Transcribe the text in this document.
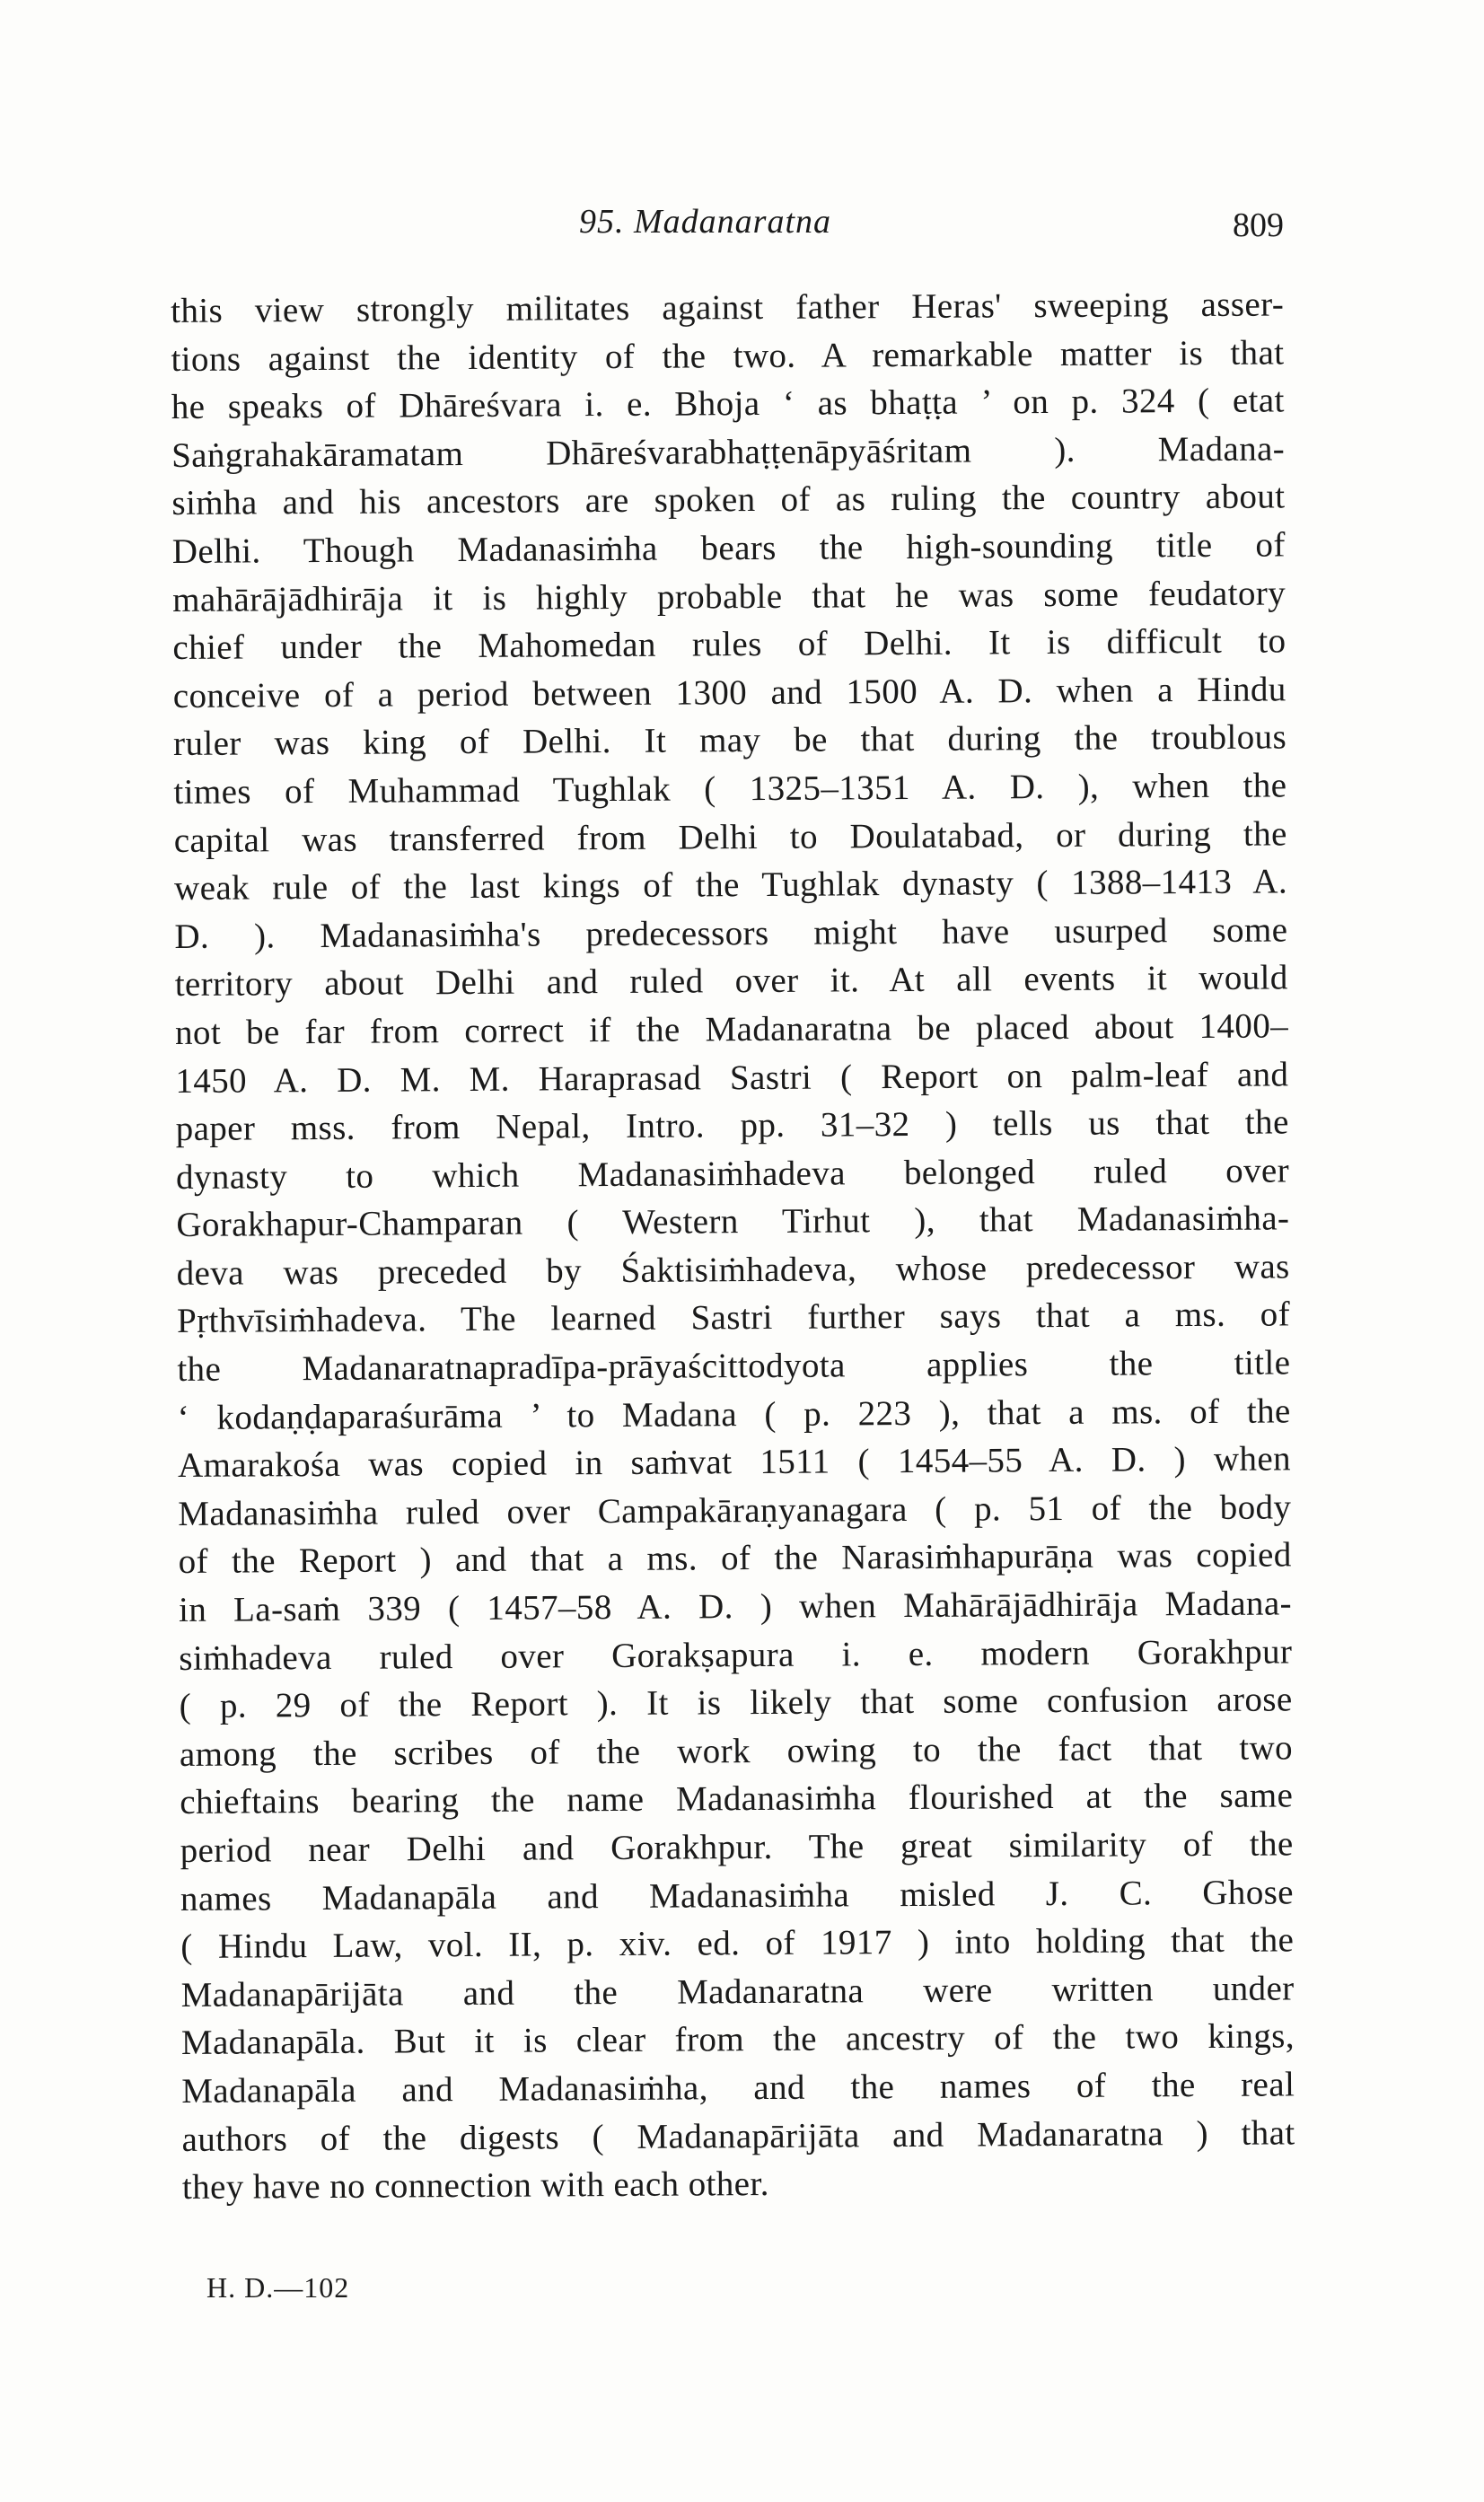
95. Madanaratna	809
this view strongly militates against father Heras' sweeping asser-
tions against the identity of the two. A remarkable matter is that
he speaks of Dhāreśvara i. e. Bhoja ‘ as bhaṭṭa ’ on p. 324 ( etat
Saṅgrahakāramatam Dhāreśvarabhaṭṭenāpyāśritam ). Madana-
siṁha and his ancestors are spoken of as ruling the country about
Delhi. Though Madanasiṁha bears the high-sounding title of
mahārājādhirāja it is highly probable that he was some feudatory
chief under the Mahomedan rules of Delhi. It is difficult to
conceive of a period between 1300 and 1500 A. D. when a Hindu
ruler was king of Delhi. It may be that during the troublous
times of Muhammad Tughlak ( 1325–1351 A. D. ), when the
capital was transferred from Delhi to Doulatabad, or during the
weak rule of the last kings of the Tughlak dynasty ( 1388–1413 A.
D. ). Madanasiṁha's predecessors might have usurped some
territory about Delhi and ruled over it. At all events it would
not be far from correct if the Madanaratna be placed about 1400–
1450 A. D. M. M. Haraprasad Sastri ( Report on palm-leaf and
paper mss. from Nepal, Intro. pp. 31–32 ) tells us that the
dynasty to which Madanasiṁhadeva belonged ruled over
Gorakhapur-Champaran ( Western Tirhut ), that Madanasiṁha-
deva was preceded by Śaktisiṁhadeva, whose predecessor was
Pṛthvīsiṁhadeva. The learned Sastri further says that a ms. of
the Madanaratnapradīpa-prāyaścittodyota applies the title
‘ kodaṇḍaparaśurāma ’ to Madana ( p. 223 ), that a ms. of the
Amarakośa was copied in saṁvat 1511 ( 1454–55 A. D. ) when
Madanasiṁha ruled over Campakāraṇyanagara ( p. 51 of the body
of the Report ) and that a ms. of the Narasiṁhapurāṇa was copied
in La-saṁ 339 ( 1457–58 A. D. ) when Mahārājādhirāja Madana-
siṁhadeva ruled over Gorakṣapura i. e. modern Gorakhpur
( p. 29 of the Report ). It is likely that some confusion arose
among the scribes of the work owing to the fact that two
chieftains bearing the name Madanasiṁha flourished at the same
period near Delhi and Gorakhpur. The great similarity of the
names Madanapāla and Madanasiṁha misled J. C. Ghose
( Hindu Law, vol. II, p. xiv. ed. of 1917 ) into holding that the
Madanapārijāta and the Madanaratna were written under
Madanapāla. But it is clear from the ancestry of the two kings,
Madanapāla and Madanasiṁha, and the names of the real
authors of the digests ( Madanapārijāta and Madanaratna ) that
they have no connection with each other.
H. D.—102
